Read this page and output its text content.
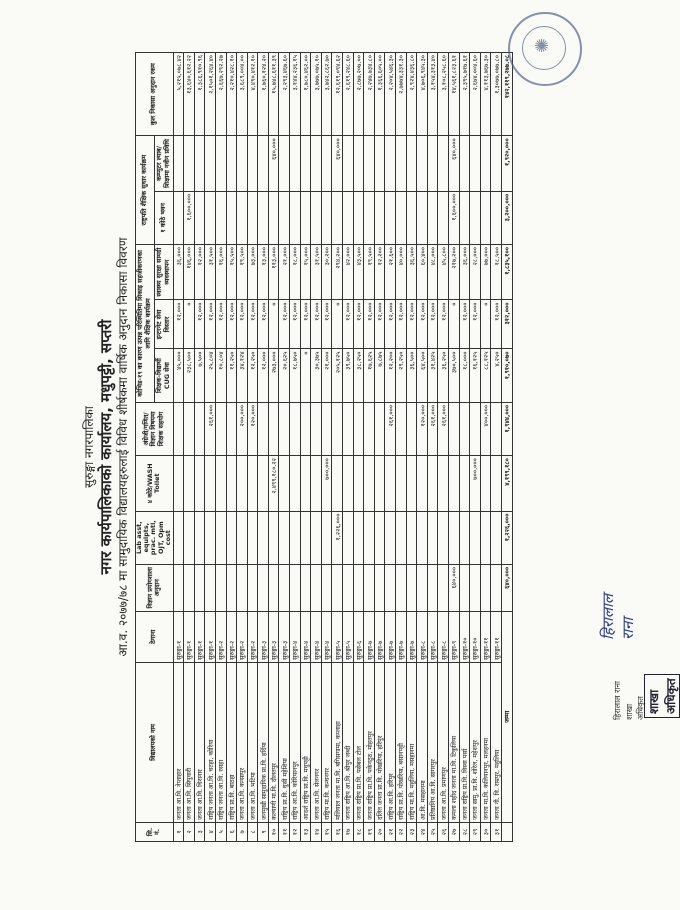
सुरुङ्गा नगरपालिका नगर कार्यपालिकाको कार्यालय, मधुपट्टी, सप्तरी आ.व. २०७७/७८ मा सामुदायिक विद्यालयहरुलाई विविध शीर्षकमा वार्षिक अनुदान निकासा विवरण
सि. नं.	विद्यालयको नाम	ठेगाना	विज्ञान प्रयोगशाला अनुदान	Lab asst, equipts, prac. mtl, OJT, Opm cost	४ कोठे/WASH Toilet	अंग्रेजी/गणित/ विज्ञान विषयमा शिक्षक सहयोग	कोभिड-१९ का कारण उत्पन्न परिस्थितिमा सिकाइ सहजीकरणका लागि शैक्षिक कार्यक्रम			राष्ट्रपति शैक्षिक सुधार कार्यक्रम		कुल निकासा अनुदान रकम
							शिक्षक-विद्यार्थी CUG सेवा	इन्टरनेट सेवा विस्तार	स्वास्थ्य सुरक्षा सामग्री व्यवस्थापन	१ कोठे भवन	कम्प्युटर ल्याब/शिक्षामा नवीन प्रविधि	
१	जनता आ.वि. नेप्ताहार	सुरुङ्गा-१					४५,०००	१२,०००	३६,०००			५,२१५,०७८.४२
२	जनता आ.वि. सिपुवारी	सुरुङ्गा-१					२३८,५००	०	१४६,०००	१,६००,०००		१३,६४०,६१२.२२
३	जनता आ.वि. चिरानार	सुरुङ्गा-१					७,५००	१२,०००	१२,०००			१,३८६,९१०.९६
४	राष्ट्रिय जनता आ.वि. चटहा, कोरिया	सुरुङ्गा-१				२६१,०००	२५,८०४	१२,०००	३१,५००			२,१५०१,२६४.४०
५	राष्ट्रिय जनता आ.वि. रसहा	सुरुङ्गा-२					१०,८०४	१२,०००	१६,०००			२,६६७,२९२.२७
६	राष्ट्रिय प्रा.वि. बाठहा	सुरुङ्गा-२					११,२५०	१२,०००	१५,५००			२,२१०,४२८.१०
७	जनता आ.वि. कन्सापुर	सुरुङ्गा-२				२००,०००	३४,१२४	१२,०००	१९,५००			३,६८९,००४.००
८	जनता आ.वि. भटिया	सुरुङ्गा-२				१२०,०००	१२,२५०	१२,०००	७३,०००			४,४९०,४१२.१०
९	जनमुखी सामुदायिक प्रा.वि. हर्दिया	सुरुङ्गा-३					१२,०००	१२,०००	१३,०००			१,७६०,१२४.२०
१०	कल्याणी मा.वि. दौलतपुर	सुरुङ्गा-३			२,४९९,१८०.२२		२७३,०००	०	११३,०००		६४०,०००	१५,७४८,६११.३९
११	राष्ट्रिय प्रा.वि. धुसी महेशिया	सुरुङ्गा-३					२०,६२५	१२,०००	२१,०००			२,२९३,४६७.६०
१२	राष्ट्रिय आ.वि. कोरियानपुर	सुरुङ्गा-४					१८,७५०	१२,०००	१८,०००			३,१४४,२३६.१५
१३	आदर्श राष्ट्रिय प्रा.वि. मधुपट्टी	सुरुङ्गा-४					०	१२,०००	१५,०००			१,७८०,४६२.००
१४	जनता आ.वि. सेलनगर	सुरुङ्गा-४					३०,३७५	१२,०००	३१,५००			३,७७७,०७५.१०
१५	राष्ट्रिय मा.वि. कन्धनगर	सुरुङ्गा-४			७००,०००		२१,०००	१२,०००	३०,२००			३,७४२,८६२.७०
१६	मलियाल जनता मा.वि. बगिसगामा, कप्लाहा	सुरुङ्गा-५		१,२२६,०००			२०५,१२५	०	२९४,२००		६४०,०००	१२,६१९,०९४.६२
१७	जनता राष्ट्रिय आ.वि. श्रीपुर जब्दी	सुरुङ्गा-५					३९,७५०	१२,०००	४२,०००			२,६१९,२४८.६०
१८	जनता राष्ट्रिय प्रा.वि. पसेबल टोल	सुरुङ्गा-६					३८,२५०	१२,०००	४३,५००			२,८७७,२०७.००
१९	जनता राष्ट्रिय प्रा.वि. पकेनठुठ, मोहतपुर	सुरुङ्गा-७					१७,६२५	१२,०००	१९,५००			२,२४७,७३४.८०
२०	दलित जनता प्रा.वि. पोखरिया, हरिपुर	सुरुङ्गा-७					७,८७५	१२,०००	१२,२००			१,३६६,६०५.००
२१	राष्ट्रिय आ.वि. हरिपुर	सुरुङ्गा-७				२६१,०००	१२,२००	१२,०००	२१,६००			२,२०४,५४६.३०
२२	राष्ट्रिय प्रा.वि. पोखरिया, बसानपट्टी	सुरुङ्गा-७					२९,२५०	१२,०००	४०,०००			२,७७७४,३३१.३०
२३	राष्ट्रिय मा.वि. महुलिया, मसहानमा	सुरुङ्गा-७					३६,५००	१२,०००	३६,५००			२,९२४,४३६.८०
२४	आ.वि. मसहानमा	सुरुङ्गा-८				१२०,०००	६४,५००	१२,०००	६०,४००			४,७०६,९४५.३०
२५	प्रतिष्ठानिय आ.वि. सागरपुर	सुरुङ्गा-८				२६१,०००	३१,४२५	१२,०००	४८,०००			३,१५४,३१३.४०
२६	जनता आ.वि. प्रमाणपुर	सुरुङ्गा-८				२६१,०००	३६,२५०	१२,०००	४५,८००			३,१०८,२५८.६०
२७	कमला शहीद जनता मा.वि. टिकुलिया	सुरुङ्गा-९	६४०,०००				३७०,५००	०	२१७,२००	१,६००,०००	६४०,०००	१४,५६१,८२३.६१
२८	जनता राष्ट्रिय प्रा.वि. विस्वा पर्सा	सुरुङ्गा-१०					१८,०००	१२,०००	३६,०००			२,३९५,७१७.६१
२९	जनता सामु. प्रा.वि. शोरेल, महेशपुर	सुरुङ्गा-१०			७००,०००		१६,१२५	१२,०००	२८,०००			२,६७४,००४.६०
३०	जनता मा.वि. कलियानपुर, मलहनमा	सुरुङ्गा-११				४००,०००	८८,१२५	०	७७,०००			४,११३,७६७.३०
३१	जनता नी. वि. राम्रपुर, महुलिया	सुरुङ्गा-११					४,२५०	१२,०००	१८,५००			१,३०७७,०७७.८०
	जम्मा		६४०,०००	१,२२६,०००	४,१९९,१८०	१,९४४,०००	१,९१०,०७०	३१२,०००	१,८३५,१००	३,२००,०००	१,९२०,०००	१४२,११९,२७७.०८
✺
हिरालाल राना
हिरालाल राना शाखा अधिकृत शाखा अधिकृत
